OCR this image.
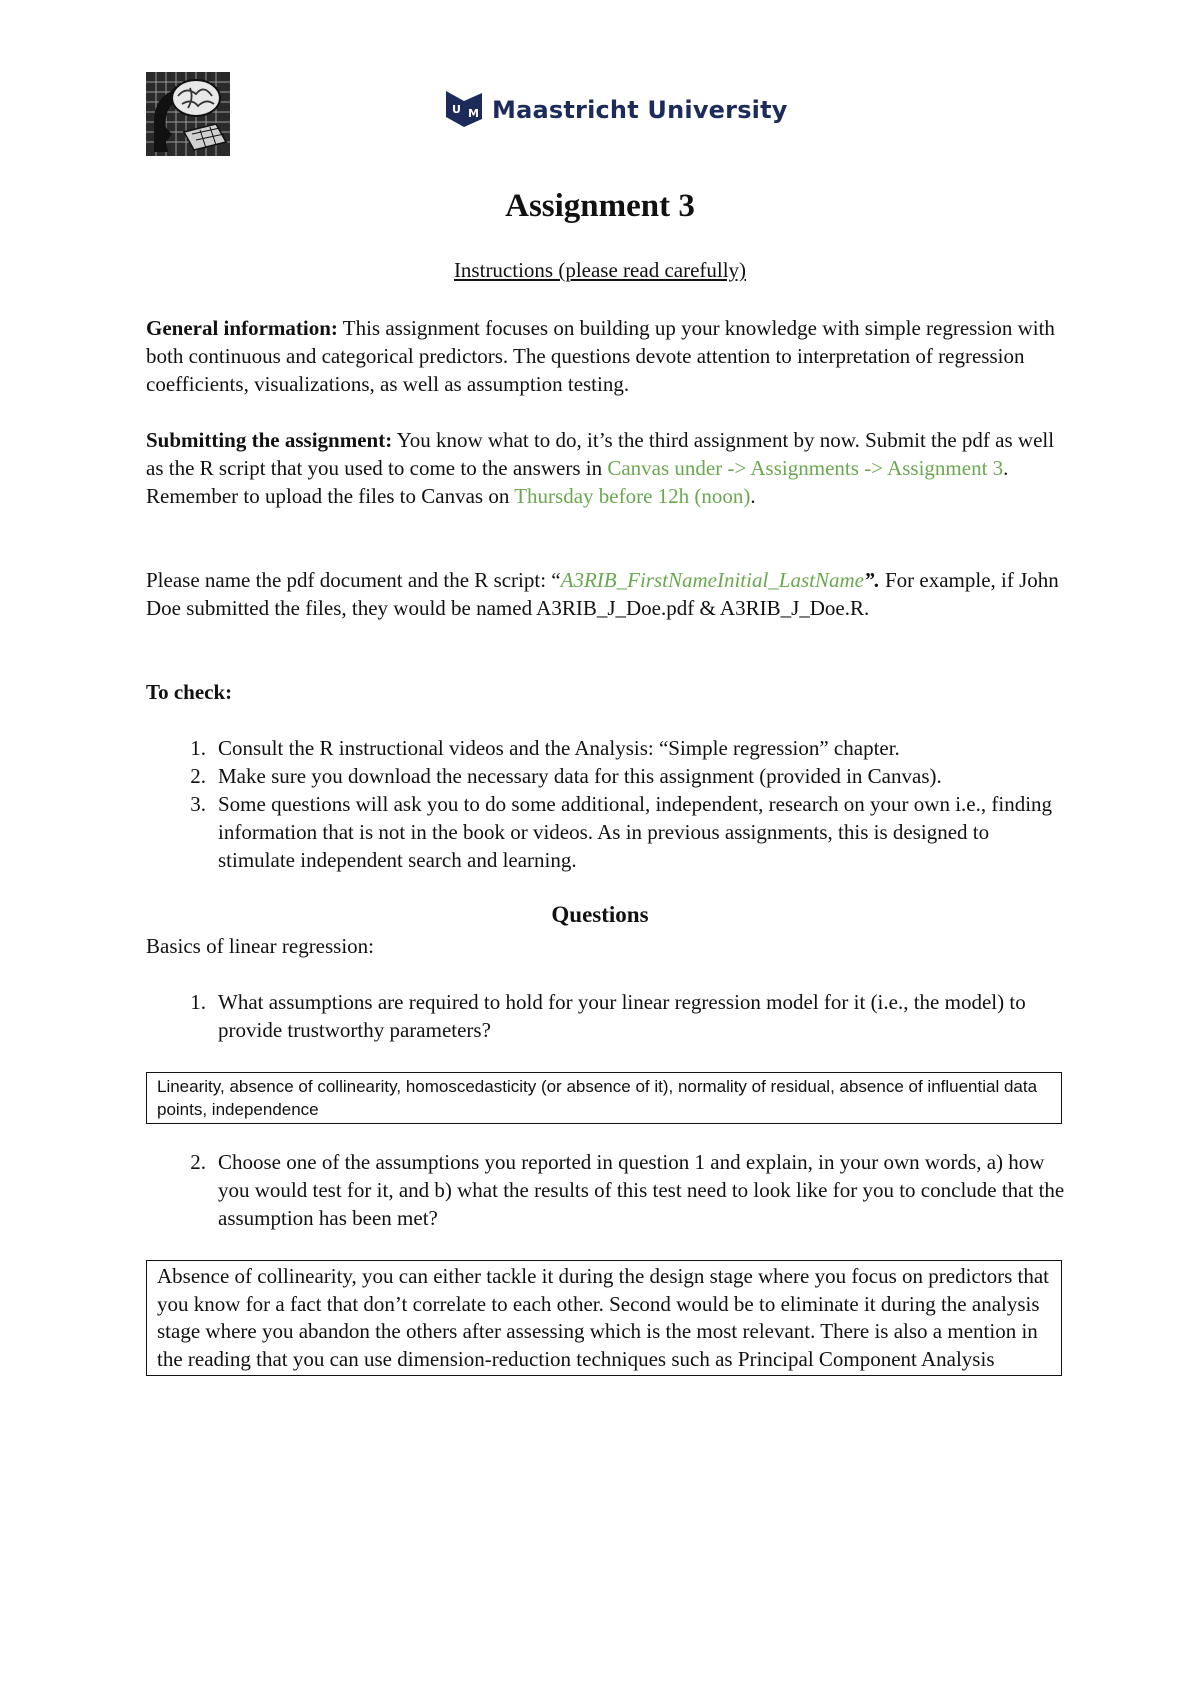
U M Maastricht University
Assignment 3
Instructions (please read carefully)
General information: This assignment focuses on building up your knowledge with simple regression with both continuous and categorical predictors. The questions devote attention to interpretation of regression coefficients, visualizations, as well as assumption testing.
Submitting the assignment: You know what to do, it’s the third assignment by now. Submit the pdf as well as the R script that you used to come to the answers in Canvas under -> Assignments -> Assignment 3. Remember to upload the files to Canvas on Thursday before 12h (noon).
Please name the pdf document and the R script: “A3RIB_FirstNameInitial_LastName”. For example, if John Doe submitted the files, they would be named A3RIB_J_Doe.pdf & A3RIB_J_Doe.R.
To check:
1. Consult the R instructional videos and the Analysis: “Simple regression” chapter.
2. Make sure you download the necessary data for this assignment (provided in Canvas).
3. Some questions will ask you to do some additional, independent, research on your own i.e., finding information that is not in the book or videos. As in previous assignments, this is designed to stimulate independent search and learning.
Questions
Basics of linear regression:
1. What assumptions are required to hold for your linear regression model for it (i.e., the model) to provide trustworthy parameters?
Linearity, absence of collinearity, homoscedasticity (or absence of it), normality of residual, absence of influential data points, independence
2. Choose one of the assumptions you reported in question 1 and explain, in your own words, a) how you would test for it, and b) what the results of this test need to look like for you to conclude that the assumption has been met?
Absence of collinearity, you can either tackle it during the design stage where you focus on predictors that you know for a fact that don’t correlate to each other. Second would be to eliminate it during the analysis stage where you abandon the others after assessing which is the most relevant. There is also a mention in the reading that you can use dimension-reduction techniques such as Principal Component Analysis
